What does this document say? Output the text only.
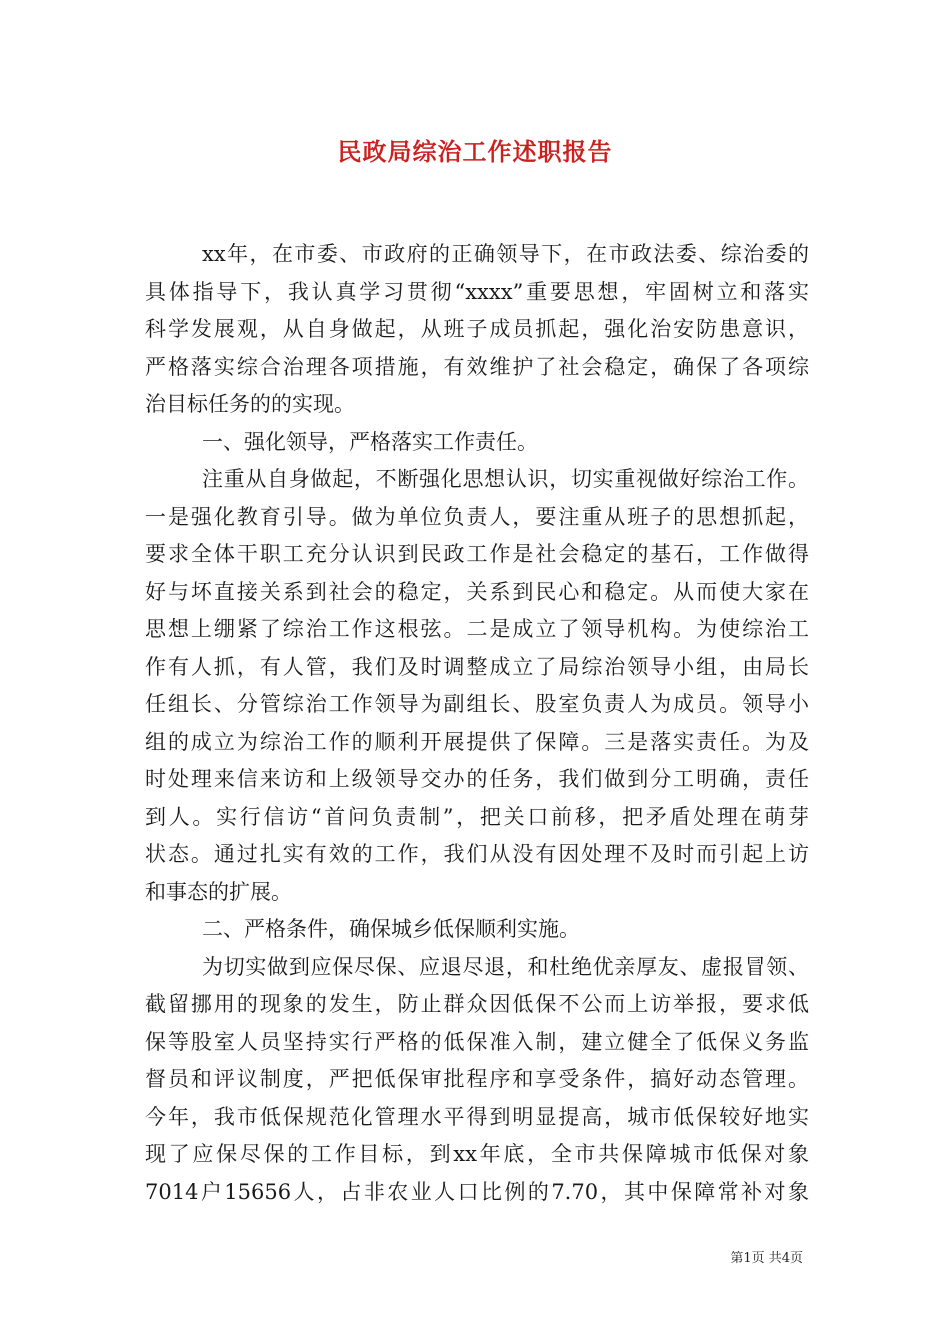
民政局综治工作述职报告
xx年，在市委、市政府的正确领导下，在市政法委、综治委的
具体指导下，我认真学习贯彻“xxxx”重要思想，牢固树立和落实
科学发展观，从自身做起，从班子成员抓起，强化治安防患意识，
严格落实综合治理各项措施，有效维护了社会稳定，确保了各项综
治目标任务的的实现。
一、强化领导，严格落实工作责任。
注重从自身做起，不断强化思想认识，切实重视做好综治工作。
一是强化教育引导。做为单位负责人，要注重从班子的思想抓起，
要求全体干职工充分认识到民政工作是社会稳定的基石，工作做得
好与坏直接关系到社会的稳定，关系到民心和稳定。从而使大家在
思想上绷紧了综治工作这根弦。二是成立了领导机构。为使综治工
作有人抓，有人管，我们及时调整成立了局综治领导小组，由局长
任组长、分管综治工作领导为副组长、股室负责人为成员。领导小
组的成立为综治工作的顺利开展提供了保障。三是落实责任。为及
时处理来信来访和上级领导交办的任务，我们做到分工明确，责任
到人。实行信访“首问负责制”，把关口前移，把矛盾处理在萌芽
状态。通过扎实有效的工作，我们从没有因处理不及时而引起上访
和事态的扩展。
二、严格条件，确保城乡低保顺利实施。
为切实做到应保尽保、应退尽退，和杜绝优亲厚友、虚报冒领、
截留挪用的现象的发生，防止群众因低保不公而上访举报，要求低
保等股室人员坚持实行严格的低保准入制，建立健全了低保义务监
督员和评议制度，严把低保审批程序和享受条件，搞好动态管理。
今年，我市低保规范化管理水平得到明显提高，城市低保较好地实
现了应保尽保的工作目标，到xx年底，全市共保障城市低保对象
7014户15656人，占非农业人口比例的7.70，其中保障常补对象
第1页 共4页
